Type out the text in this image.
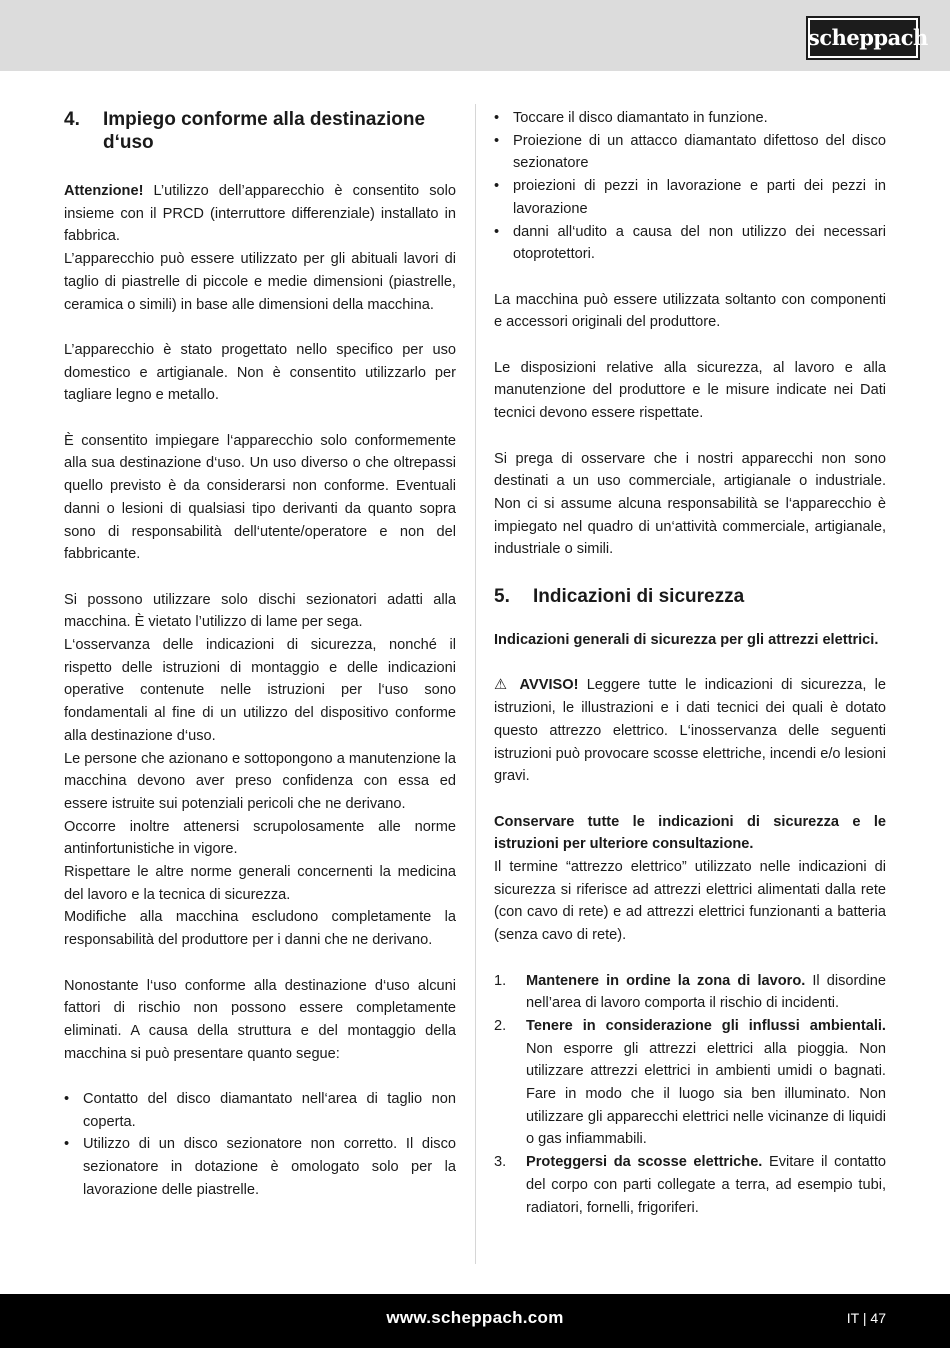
scheppach
4.	Impiego conforme alla destinazione d‘uso

Attenzione! L’utilizzo dell’apparecchio è consentito solo insieme con il PRCD (interruttore differenziale) installato in fabbrica.

L’apparecchio può essere utilizzato per gli abituali lavori di taglio di piastrelle di piccole e medie dimensioni (piastrelle, ceramica o simili) in base alle dimensioni della macchina.

L’apparecchio è stato progettato nello specifico per uso domestico e artigianale. Non è consentito utilizzarlo per tagliare legno e metallo.

È consentito impiegare l‘apparecchio solo conformemente alla sua destinazione d‘uso. Un uso diverso o che oltrepassi quello previsto è da considerarsi non conforme. Eventuali danni o lesioni di qualsiasi tipo derivanti da quanto sopra sono di responsabilità dell‘utente/operatore e non del fabbricante.

Si possono utilizzare solo dischi sezionatori adatti alla macchina. È vietato l’utilizzo di lame per sega.

L‘osservanza delle indicazioni di sicurezza, nonché il rispetto delle istruzioni di montaggio e delle indicazioni operative contenute nelle istruzioni per l‘uso sono fondamentali al fine di un utilizzo del dispositivo conforme alla destinazione d‘uso.

Le persone che azionano e sottopongono a manutenzione la macchina devono aver preso confidenza con essa ed essere istruite sui potenziali pericoli che ne derivano.

Occorre inoltre attenersi scrupolosamente alle norme antinfortunistiche in vigore.

Rispettare le altre norme generali concernenti la medicina del lavoro e la tecnica di sicurezza.

Modifiche alla macchina escludono completamente la responsabilità del produttore per i danni che ne derivano.

Nonostante l‘uso conforme alla destinazione d‘uso alcuni fattori di rischio non possono essere completamente eliminati. A causa della struttura e del montaggio della macchina si può presentare quanto segue:

• Contatto del disco diamantato nell‘area di taglio non coperta.
• Utilizzo di un disco sezionatore non corretto. Il disco sezionatore in dotazione è omologato solo per la lavorazione delle piastrelle.
• Toccare il disco diamantato in funzione.
• Proiezione di un attacco diamantato difettoso del disco sezionatore
• proiezioni di pezzi in lavorazione e parti dei pezzi in lavorazione
• danni all‘udito a causa del non utilizzo dei necessari otoprotettori.

La macchina può essere utilizzata soltanto con componenti e accessori originali del produttore.

Le disposizioni relative alla sicurezza, al lavoro e alla manutenzione del produttore e le misure indicate nei Dati tecnici devono essere rispettate.

Si prega di osservare che i nostri apparecchi non sono destinati a un uso commerciale, artigianale o industriale. Non ci si assume alcuna responsabilità se l‘apparecchio è impiegato nel quadro di un‘attività commerciale, artigianale, industriale o simili.

5.	Indicazioni di sicurezza

Indicazioni generali di sicurezza per gli attrezzi elettrici.

⚠ AVVISO! Leggere tutte le indicazioni di sicurezza, le istruzioni, le illustrazioni e i dati tecnici dei quali è dotato questo attrezzo elettrico. L‘inosservanza delle seguenti istruzioni può provocare scosse elettriche, incendi e/o lesioni gravi.

Conservare tutte le indicazioni di sicurezza e le istruzioni per ulteriore consultazione.

Il termine “attrezzo elettrico” utilizzato nelle indicazioni di sicurezza si riferisce ad attrezzi elettrici alimentati dalla rete (con cavo di rete) e ad attrezzi elettrici funzionanti a batteria (senza cavo di rete).

1.	Mantenere in ordine la zona di lavoro. Il disordine nell’area di lavoro comporta il rischio di incidenti.
2.	Tenere in considerazione gli influssi ambientali. Non esporre gli attrezzi elettrici alla pioggia. Non utilizzare attrezzi elettrici in ambienti umidi o bagnati. Fare in modo che il luogo sia ben illuminato. Non utilizzare gli apparecchi elettrici nelle vicinanze di liquidi o gas infiammabili.
3.	Proteggersi da scosse elettriche. Evitare il contatto del corpo con parti collegate a terra, ad esempio tubi, radiatori, fornelli, frigoriferi.
www.scheppach.com	IT | 47
